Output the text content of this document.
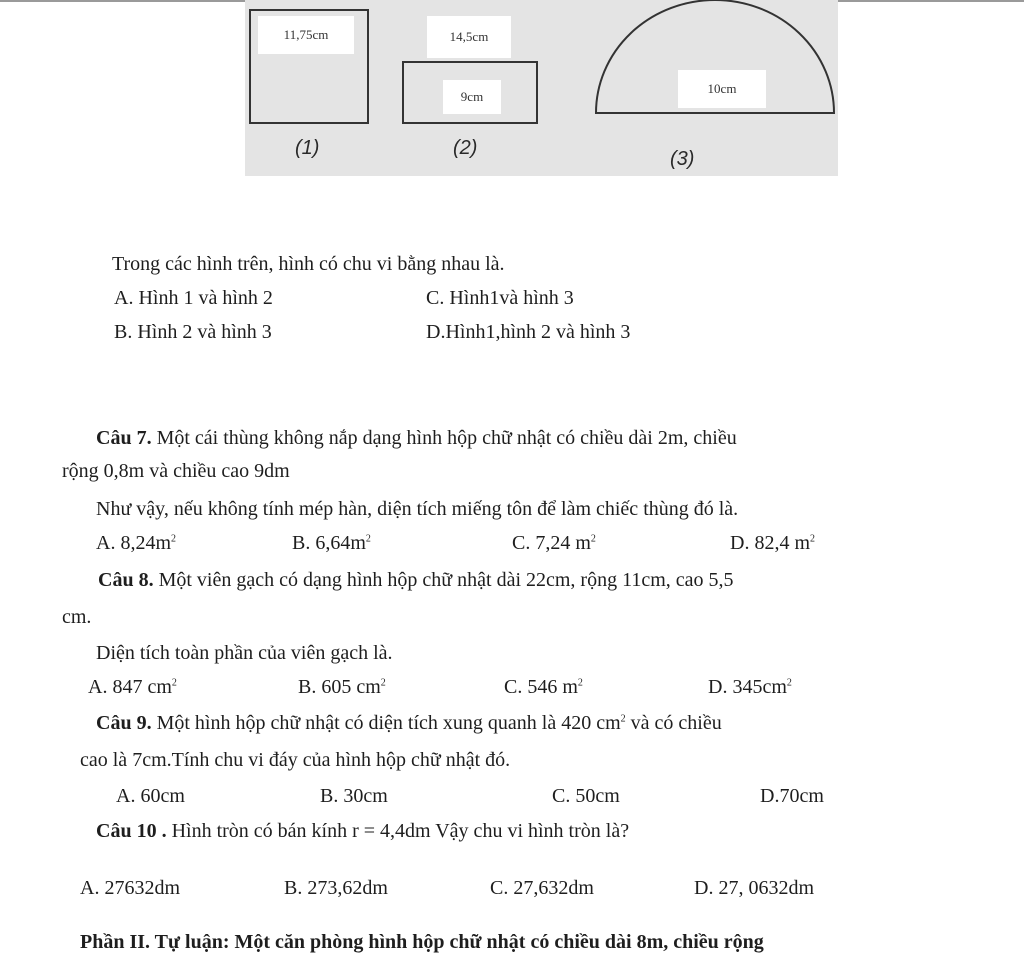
11,75cm	14,5cm
9cm
10cm
(1)	(2)	(3)
Trong các hình trên, hình có chu vi bằng nhau là.
A. Hình 1 và hình 2	C. Hình1và hình 3
B. Hình 2 và hình 3	D.Hình1,hình 2 và hình 3
Câu 7. Một cái thùng không nắp dạng hình hộp chữ nhật có chiều dài 2m, chiều
rộng 0,8m và chiều cao 9dm
Như vậy, nếu không tính mép hàn, diện tích miếng tôn để làm chiếc thùng đó là.
A. $8,24m^2$	B. $6,64m^2$	C. 7,24 $m^2$	D. 82,4 $m^2$
Câu 8. Một viên gạch có dạng hình hộp chữ nhật dài 22cm, rộng 11cm, cao 5,5
cm.
Diện tích toàn phần của viên gạch là.
A. 847 $cm^2$	B. 605 $cm^2$	C. 546 $m^2$	D. $345cm^2$
Câu 9. Một hình hộp chữ nhật có diện tích xung quanh là 420 $cm^2$ và có chiều
cao là 7cm.Tính chu vi đáy của hình hộp chữ nhật đó.
A. 60cm	B. 30cm	C. 50cm	D.70cm
Câu 10 . Hình tròn có bán kính r = 4,4dm Vậy chu vi hình tròn là?
A. 27632dm	B. 273,62dm	C. 27,632dm	D. 27, 0632dm
Phần II. Tự luận: Một căn phòng hình hộp chữ nhật có chiều dài 8m, chiều rộng
